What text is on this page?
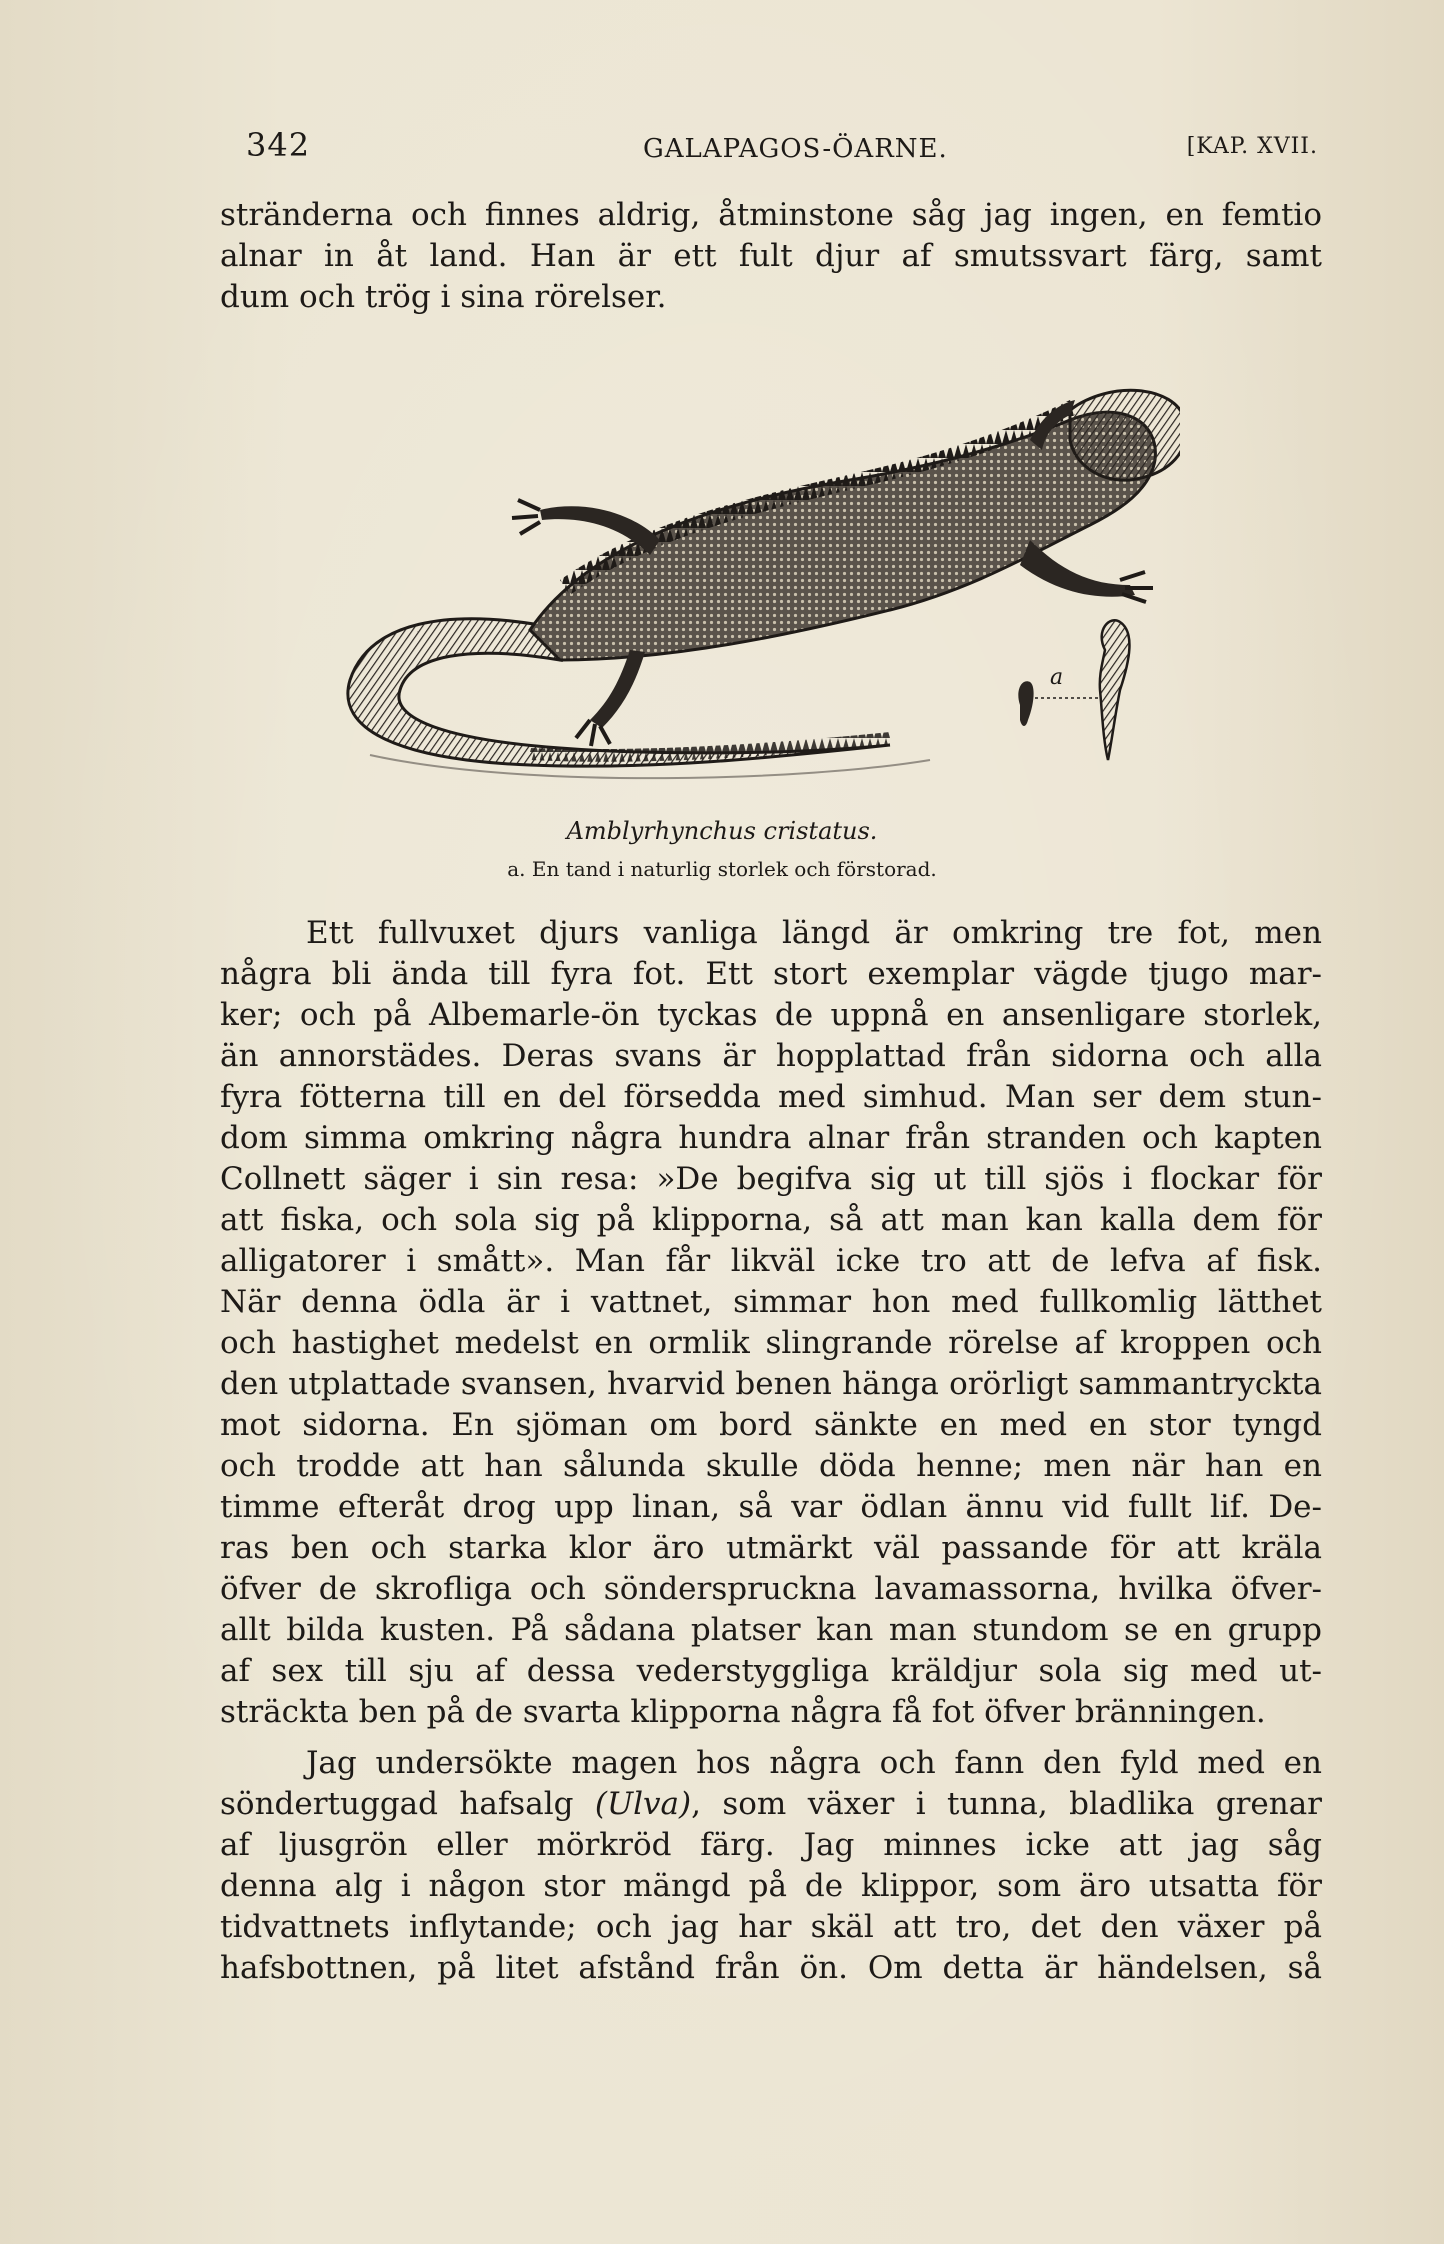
342	GALAPAGOS-ÖARNE.	[KAP. XVII.

stränderna och finnes aldrig, åtminstone såg jag ingen, en femtio

alnar in åt land. Han är ett fult djur af smutssvart färg, samt

dum och trög i sina rörelser.

a
Amblyrhynchus cristatus.
a. En tand i naturlig storlek och förstorad.

Ett fullvuxet djurs vanliga längd är omkring tre fot, men

några bli ända till fyra fot. Ett stort exemplar vägde tjugo mar-

ker; och på Albemarle-ön tyckas de uppnå en ansenligare storlek,

än annorstädes. Deras svans är hopplattad från sidorna och alla

fyra fötterna till en del försedda med simhud. Man ser dem stun-

dom simma omkring några hundra alnar från stranden och kapten

Collnett säger i sin resa: »De begifva sig ut till sjös i flockar för

att fiska, och sola sig på klipporna, så att man kan kalla dem för

alligatorer i smått». Man får likväl icke tro att de lefva af fisk.

När denna ödla är i vattnet, simmar hon med fullkomlig lätthet

och hastighet medelst en ormlik slingrande rörelse af kroppen och

den utplattade svansen, hvarvid benen hänga orörligt sammantryckta

mot sidorna. En sjöman om bord sänkte en med en stor tyngd

och trodde att han sålunda skulle döda henne; men när han en

timme efteråt drog upp linan, så var ödlan ännu vid fullt lif. De-

ras ben och starka klor äro utmärkt väl passande för att kräla

öfver de skrofliga och sönderspruckna lavamassorna, hvilka öfver-

allt bilda kusten. På sådana platser kan man stundom se en grupp

af sex till sju af dessa vederstyggliga kräldjur sola sig med ut-

sträckta ben på de svarta klipporna några få fot öfver bränningen.

Jag undersökte magen hos några och fann den fyld med en

söndertuggad hafsalg (Ulva), som växer i tunna, bladlika grenar

af ljusgrön eller mörkröd färg. Jag minnes icke att jag såg

denna alg i någon stor mängd på de klippor, som äro utsatta för

tidvattnets inflytande; och jag har skäl att tro, det den växer på

hafsbottnen, på litet afstånd från ön. Om detta är händelsen, så
